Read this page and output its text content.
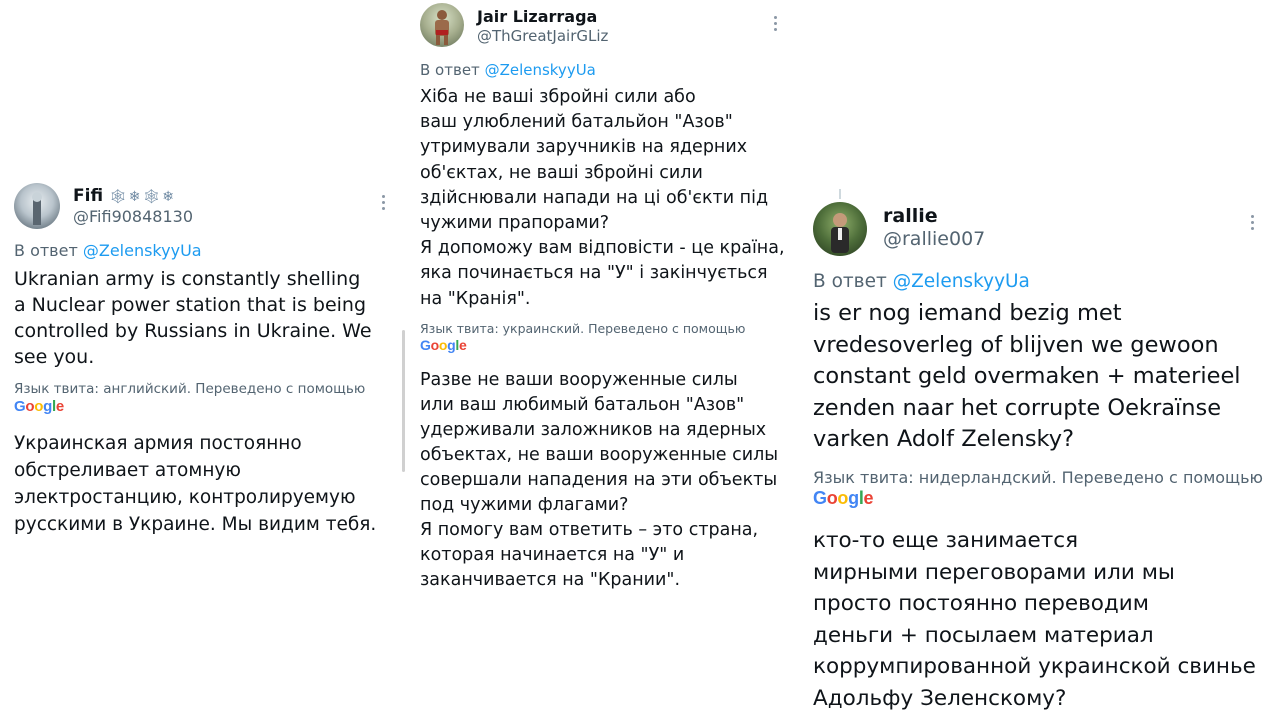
Fifi 🕸❄🕸❄
@Fifi90848130
В ответ @ZelenskyyUa
Ukranian army is constantly shelling
a Nuclear power station that is being
controlled by Russians in Ukraine. We
see you.
Язык твита: английский. Переведено с помощью
Google
Украинская армия постоянно
обстреливает атомную
электростанцию, контролируемую
русскими в Украине. Мы видим тебя.
Jair Lizarraga
@ThGreatJairGLiz
В ответ @ZelenskyyUa
Хіба не ваші збройні сили або
ваш улюблений батальйон "Азов"
утримували заручників на ядерних
об'єктах, не ваші збройні сили
здійснювали напади на ці об'єкти під
чужими прапорами?
Я допоможу вам відповісти - це країна,
яка починається на "У" і закінчується
на "Кранія".
Язык твита: украинский. Переведено с помощью
Google
Разве не ваши вооруженные силы
или ваш любимый батальон "Азов"
удерживали заложников на ядерных
объектах, не ваши вооруженные силы
совершали нападения на эти объекты
под чужими флагами?
Я помогу вам ответить – это страна,
которая начинается на "У" и
заканчивается на "Крании".
rallie
@rallie007
В ответ @ZelenskyyUa
is er nog iemand bezig met
vredesoverleg of blijven we gewoon
constant geld overmaken + materieel
zenden naar het corrupte Oekraïnse
varken Adolf Zelensky?
Язык твита: нидерландский. Переведено с помощью
Google
кто-то еще занимается
мирными переговорами или мы
просто постоянно переводим
деньги + посылаем материал
коррумпированной украинской свинье
Адольфу Зеленскому?
